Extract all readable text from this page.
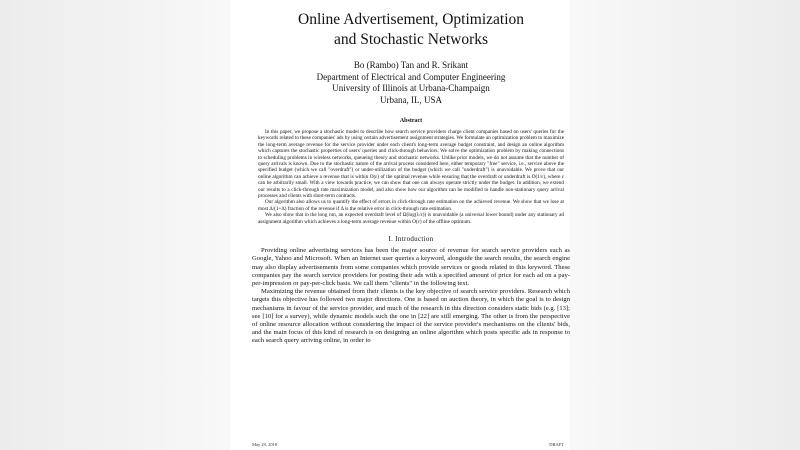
Online Advertisement, Optimization
and Stochastic Networks
Bo (Rambo) Tan and R. Srikant
Department of Electrical and Computer Engineering
University of Illinois at Urbana-Champaign
Urbana, IL, USA
Abstract

In this paper, we propose a stochastic model to describe how search service providers charge client companies based on users' queries for the keywords related to these companies' ads by using certain advertisement assignment strategies. We formulate an optimization problem to maximize the long-term average revenue for the service provider under each client's long-term average budget constraint, and design an online algorithm which captures the stochastic properties of users' queries and click-through behaviors. We solve the optimization problem by making connections to scheduling problems in wireless networks, queueing theory and stochastic networks. Unlike prior models, we do not assume that the number of query arrivals is known. Due to the stochastic nature of the arrival process considered here, either temporary "free" service, i.e., service above the specified budget (which we call "overdraft") or under-utilization of the budget (which we call "underdraft") is unavoidable. We prove that our online algorithm can achieve a revenue that is within O(ε) of the optimal revenue while ensuring that the overdraft or underdraft is O(1/ε), where ε can be arbitrarily small. With a view towards practice, we can show that one can always operate strictly under the budget. In addition, we extend our results to a click-through rate maximization model, and also show how our algorithm can be modified to handle non-stationary query arrival processes and clients with short-term contracts.

Our algorithm also allows us to quantify the effect of errors in click-through rate estimation on the achieved revenue. We show that we lose at most Δ/(1+Δ) fraction of the revenue if Δ is the relative error in click-through rate estimation.

We also show that in the long run, an expected overdraft level of Ω(log(1/ε)) is unavoidable (a universal lower bound) under any stationary ad assignment algorithm which achieves a long-term average revenue within O(ε) of the offline optimum.

I. Introduction

Providing online advertising services has been the major source of revenue for search service providers such as Google, Yahoo and Microsoft. When an Internet user queries a keyword, alongside the search results, the search engine may also display advertisements from some companies which provide services or goods related to this keyword. These companies pay the search service providers for posting their ads with a specified amount of price for each ad on a pay-per-impression or pay-per-click basis. We call them "clients" in the following text.

Maximizing the revenue obtained from their clients is the key objective of search service providers. Research which targets this objective has followed two major directions. One is based on auction theory, in which the goal is to design mechanisms in favour of the service provider, and much of the research in this direction considers static bids (e.g. [13]; see [10] for a survey), while dynamic models such the one in [22] are still emerging. The other is from the perspective of online resource allocation without considering the impact of the service provider's mechanisms on the clients' bids, and the main focus of this kind of research is on designing an online algorithm which posts specific ads in response to each search query arriving online, in order to

May 29, 2018	DRAFT
